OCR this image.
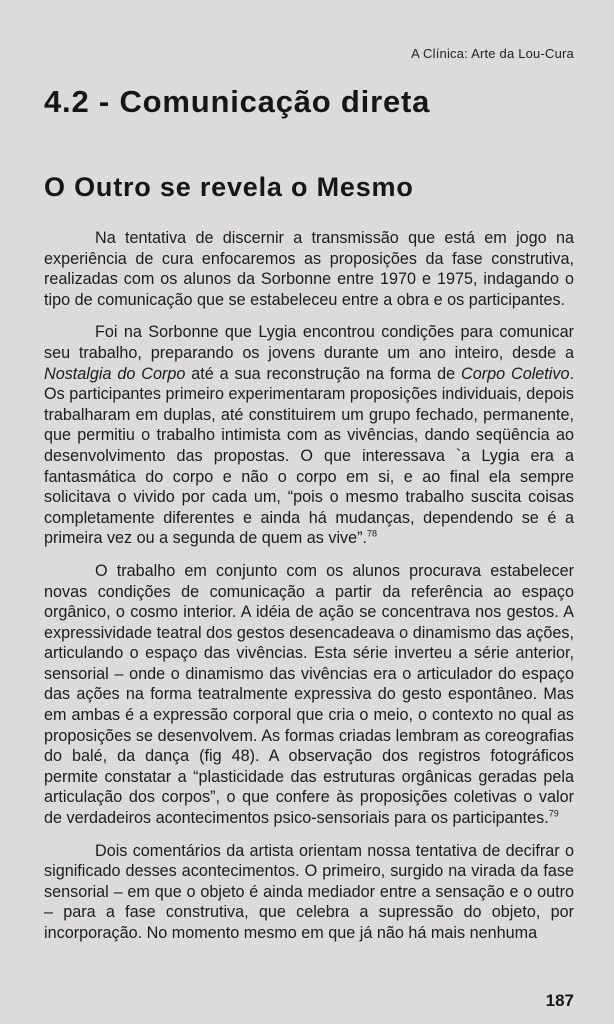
A Clínica: Arte da Lou-Cura
4.2 - Comunicação direta
O Outro se revela o Mesmo

Na tentativa de discernir a transmissão que está em jogo na experiência de cura enfocaremos as proposições da fase construtiva, realizadas com os alunos da Sorbonne entre 1970 e 1975, indagando o tipo de comunicação que se estabeleceu entre a obra e os participantes.

Foi na Sorbonne que Lygia encontrou condições para comunicar seu trabalho, preparando os jovens durante um ano inteiro, desde a Nostalgia do Corpo até a sua reconstrução na forma de Corpo Coletivo. Os participantes primeiro experimentaram proposições individuais, depois trabalharam em duplas, até constituirem um grupo fechado, permanente, que permitiu o trabalho intimista com as vivências, dando seqüência ao desenvolvimento das propostas. O que interessava `a Lygia era a fantasmática do corpo e não o corpo em si, e ao final ela sempre solicitava o vivido por cada um, “pois o mesmo trabalho suscita coisas completamente diferentes e ainda há mudanças, dependendo se é a primeira vez ou a segunda de quem as vive”.$^{78}$

O trabalho em conjunto com os alunos procurava estabelecer novas condições de comunicação a partir da referência ao espaço orgânico, o cosmo interior. A idéia de ação se concentrava nos gestos. A expressividade teatral dos gestos desencadeava o dinamismo das ações, articulando o espaço das vivências. Esta série inverteu a série anterior, sensorial – onde o dinamismo das vivências era o articulador do espaço das ações na forma teatralmente expressiva do gesto espontâneo. Mas em ambas é a expressão corporal que cria o meio, o contexto no qual as proposições se desenvolvem. As formas criadas lembram as coreografias do balé, da dança (fig 48). A observação dos registros fotográficos permite constatar a “plasticidade das estruturas orgânicas geradas pela articulação dos corpos”, o que confere às proposições coletivas o valor de verdadeiros acontecimentos psico-sensoriais para os participantes.$^{79}$

Dois comentários da artista orientam nossa tentativa de decifrar o significado desses acontecimentos. O primeiro, surgido na virada da fase sensorial – em que o objeto é ainda mediador entre a sensação e o outro – para a fase construtiva, que celebra a supressão do objeto, por incorporação. No momento mesmo em que já não há mais nenhuma

187
